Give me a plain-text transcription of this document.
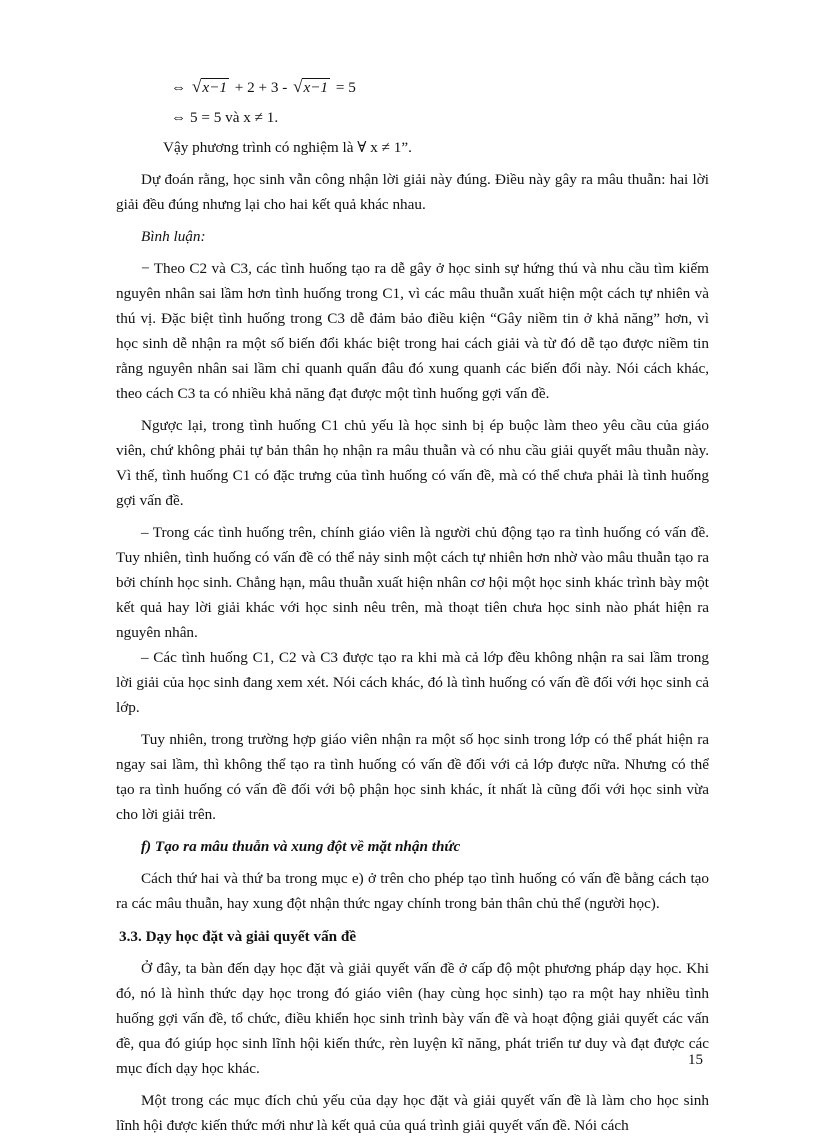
⇔ √x−1 + 2 + 3 - √x−1 = 5
⇔ 5 = 5 và x ≠ 1.

Vậy phương trình có nghiệm là ∀ x ≠ 1”.

Dự đoán rằng, học sinh vẫn công nhận lời giải này đúng. Điều này gây ra mâu thuẫn: hai lời giải đều đúng nhưng lại cho hai kết quả khác nhau.

Bình luận:

− Theo C2 và C3, các tình huống tạo ra dễ gây ở học sinh sự hứng thú và nhu cầu tìm kiếm nguyên nhân sai lầm hơn tình huống trong C1, vì các mâu thuẫn xuất hiện một cách tự nhiên và thú vị. Đặc biệt tình huống trong C3 dễ đảm bảo điều kiện “Gây niềm tin ở khả năng” hơn, vì học sinh dễ nhận ra một số biến đổi khác biệt trong hai cách giải và từ đó dễ tạo được niềm tin rằng nguyên nhân sai lầm chỉ quanh quẩn đâu đó xung quanh các biến đổi này. Nói cách khác, theo cách C3 ta có nhiều khả năng đạt được một tình huống gợi vấn đề.

Ngược lại, trong tình huống C1 chủ yếu là học sinh bị ép buộc làm theo yêu cầu của giáo viên, chứ không phải tự bản thân họ nhận ra mâu thuẫn và có nhu cầu giải quyết mâu thuẫn này. Vì thế, tình huống C1 có đặc trưng của tình huống có vấn đề, mà có thể chưa phải là tình huống gợi vấn đề.

– Trong các tình huống trên, chính giáo viên là người chủ động tạo ra tình huống có vấn đề. Tuy nhiên, tình huống có vấn đề có thể nảy sinh một cách tự nhiên hơn nhờ vào mâu thuẫn tạo ra bởi chính học sinh. Chẳng hạn, mâu thuẫn xuất hiện nhân cơ hội một học sinh khác trình bày một kết quả hay lời giải khác với học sinh nêu trên, mà thoạt tiên chưa học sinh nào phát hiện ra nguyên nhân.

– Các tình huống C1, C2 và C3 được tạo ra khi mà cả lớp đều không nhận ra sai lầm trong lời giải của học sinh đang xem xét. Nói cách khác, đó là tình huống có vấn đề đối với học sinh cả lớp.

Tuy nhiên, trong trường hợp giáo viên nhận ra một số học sinh trong lớp có thể phát hiện ra ngay sai lầm, thì không thể tạo ra tình huống có vấn đề đối với cả lớp được nữa. Nhưng có thể tạo ra tình huống có vấn đề đối với bộ phận học sinh khác, ít nhất là cũng đối với học sinh vừa cho lời giải trên.

f) Tạo ra mâu thuẫn và xung đột về mặt nhận thức

Cách thứ hai và thứ ba trong mục e) ở trên cho phép tạo tình huống có vấn đề bằng cách tạo ra các mâu thuẫn, hay xung đột nhận thức ngay chính trong bản thân chủ thể (người học).

3.3. Dạy học đặt và giải quyết vấn đề

Ở đây, ta bàn đến dạy học đặt và giải quyết vấn đề ở cấp độ một phương pháp dạy học. Khi đó, nó là hình thức dạy học trong đó giáo viên (hay cùng học sinh) tạo ra một hay nhiều tình huống gợi vấn đề, tổ chức, điều khiển học sinh trình bày vấn đề và hoạt động giải quyết các vấn đề, qua đó giúp học sinh lĩnh hội kiến thức, rèn luyện kĩ năng, phát triển tư duy và đạt được các mục đích dạy học khác.

Một trong các mục đích chủ yếu của dạy học đặt và giải quyết vấn đề là làm cho học sinh lĩnh hội được kiến thức mới như là kết quả của quá trình giải quyết vấn đề. Nói cách

15
